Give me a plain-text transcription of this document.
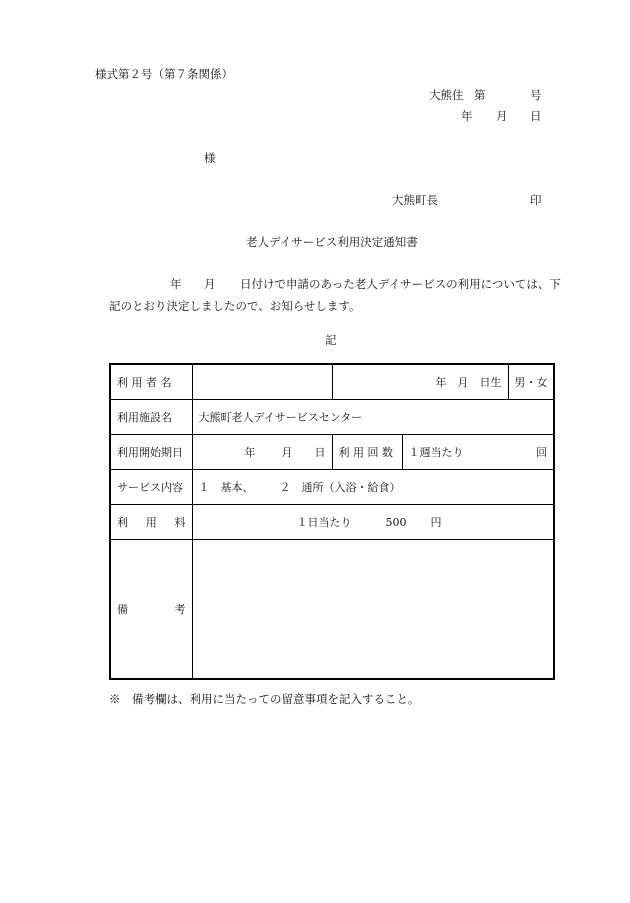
様式第２号（第７条関係）
大熊住 第	号
年 月 日
様
大熊町長	印
老人デイサービス利用決定通知書
年 月 日付けで申請のあった老人デイサービスの利用については、下
記のとおり決定しましたので、お知らせします。
記
利 用 者 名		年　月　日生		男・女
利用施設名	大熊町老人デイサービスセンター			
利用開始期日	年 月 日	利 用 回 数	１週当たり 回	

サービス内容	１　基本、 ２　通所（入浴・給食）			

利 用 料	１日当たり 500 円			

備 考				

※　備考欄は、利用に当たっての留意事項を記入すること。
